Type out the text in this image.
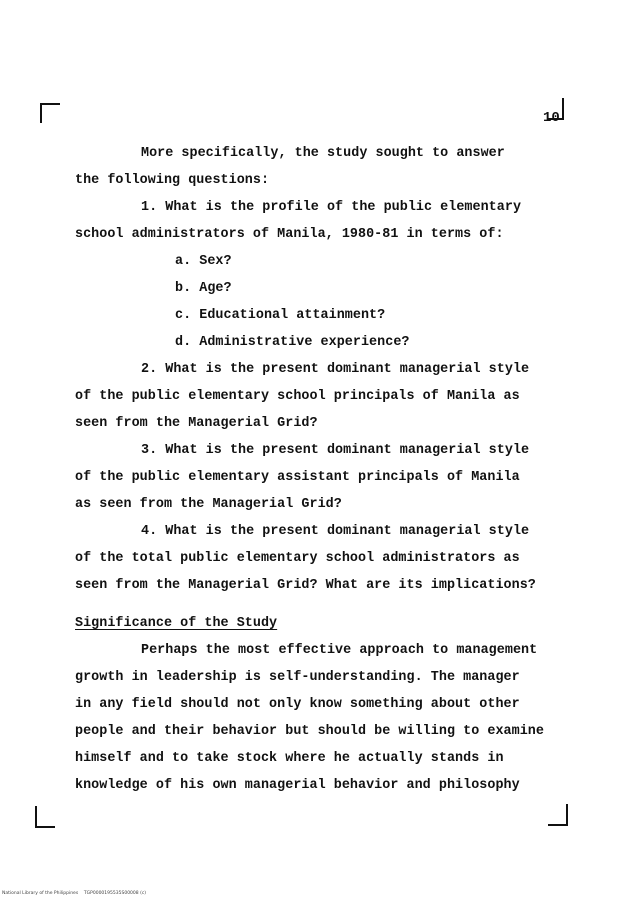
10
More specifically, the study sought to answer
the following questions:
1. What is the profile of the public elementary
school administrators of Manila, 1980-81 in terms of:
a. Sex?
b. Age?
c. Educational attainment?
d. Administrative experience?
2. What is the present dominant managerial style
of the public elementary school principals of Manila as
seen from the Managerial Grid?
3. What is the present dominant managerial style
of the public elementary assistant principals of Manila
as seen from the Managerial Grid?
4. What is the present dominant managerial style
of the total public elementary school administrators as
seen from the Managerial Grid? What are its implications?
Significance of the Study
Perhaps the most effective approach to management
growth in leadership is self-understanding. The manager
in any field should not only know something about other
people and their behavior but should be willing to examine
himself and to take stock where he actually stands in
knowledge of his own managerial behavior and philosophy
National Library of the Philippines    TGP0000195535S00008 (c)
